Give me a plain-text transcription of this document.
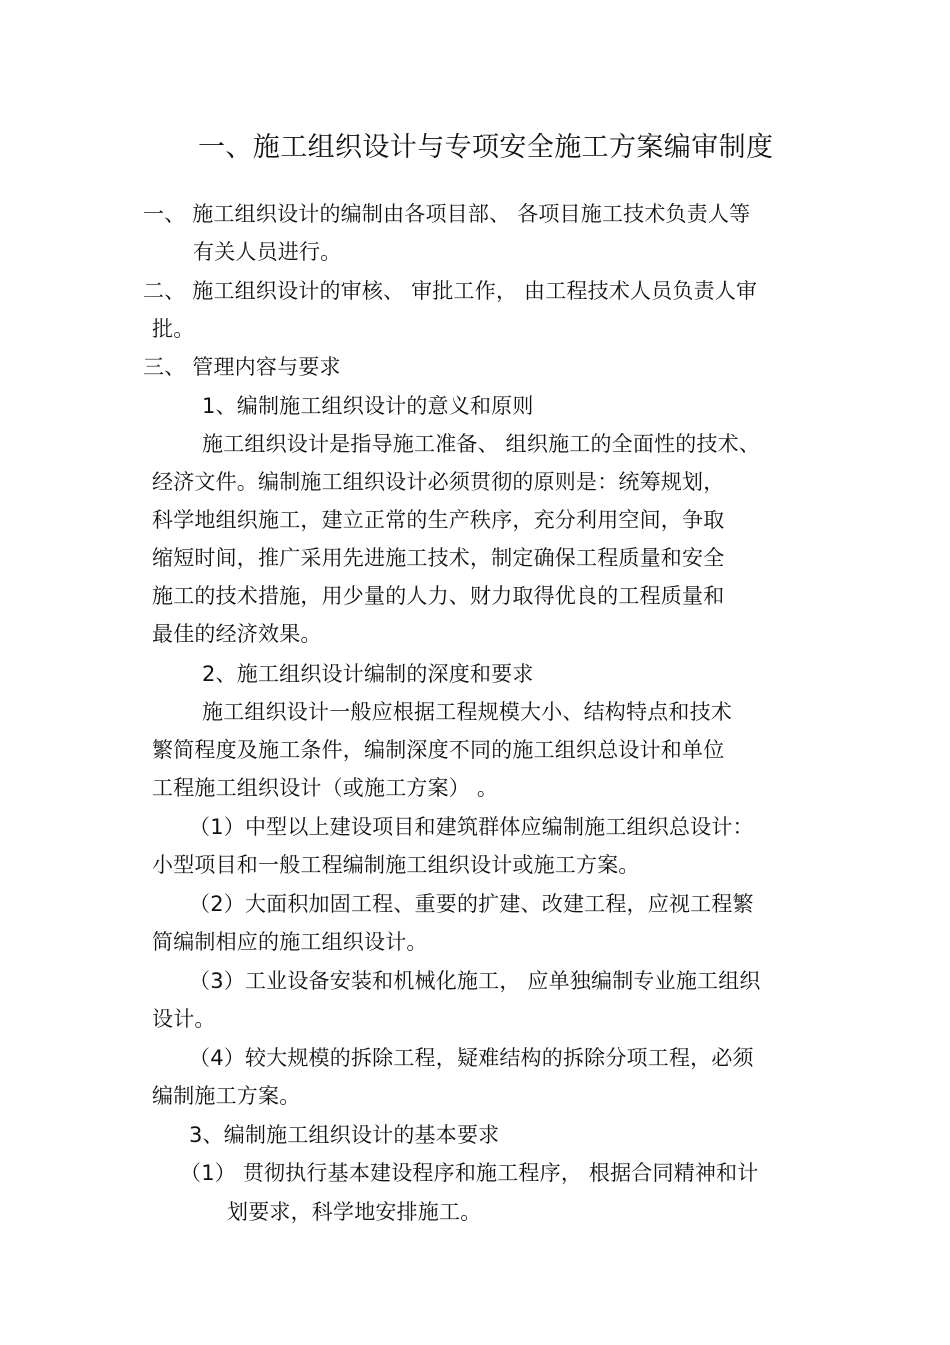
一、施工组织设计与专项安全施工方案编审制度
一、 施工组织设计的编制由各项目部、 各项目施工技术负责人等
有关人员进行。
二、 施工组织设计的审核、 审批工作， 由工程技术人员负责人审
批。
三、 管理内容与要求
1、编制施工组织设计的意义和原则
施工组织设计是指导施工准备、 组织施工的全面性的技术、
经济文件。编制施工组织设计必须贯彻的原则是：统筹规划，
科学地组织施工，建立正常的生产秩序，充分利用空间，争取
缩短时间，推广采用先进施工技术，制定确保工程质量和安全
施工的技术措施，用少量的人力、财力取得优良的工程质量和
最佳的经济效果。
2、施工组织设计编制的深度和要求
施工组织设计一般应根据工程规模大小、结构特点和技术
繁简程度及施工条件，编制深度不同的施工组织总设计和单位
工程施工组织设计（或施工方案） 。
（1）中型以上建设项目和建筑群体应编制施工组织总设计：
小型项目和一般工程编制施工组织设计或施工方案。
（2）大面积加固工程、重要的扩建、改建工程，应视工程繁
简编制相应的施工组织设计。
（3）工业设备安装和机械化施工， 应单独编制专业施工组织
设计。
（4）较大规模的拆除工程，疑难结构的拆除分项工程，必须
编制施工方案。
3、编制施工组织设计的基本要求
（1） 贯彻执行基本建设程序和施工程序， 根据合同精神和计
划要求，科学地安排施工。
